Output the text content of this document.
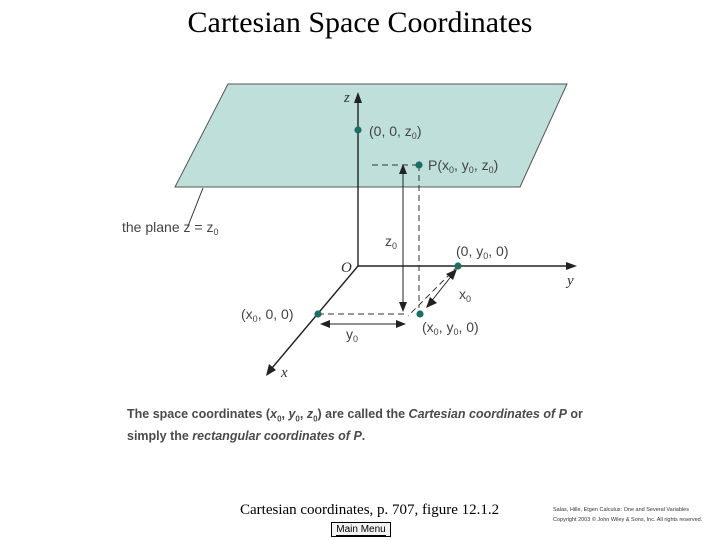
Cartesian Space Coordinates
z
y
x
O
(0, 0, $z_0$)
$P(x_0$, $y_0$, $z_0$)
the plane $z = z_0$
$z_0$	(0, $y_0$, 0)
$x_0$
($x_0$, 0, 0)
$y_0$
($x_0$, $y_0$, 0)
The space coordinates ($x_0$, $y_0$, $z_0$) are called the Cartesian coordinates of P or simply the rectangular coordinates of P.
Cartesian coordinates, p. 707, figure 12.1.2
Main Menu
Salas, Hille, Etgen Calculus: One and Several Variables
Copyright 2003 © John Wiley & Sons, Inc. All rights reserved.
